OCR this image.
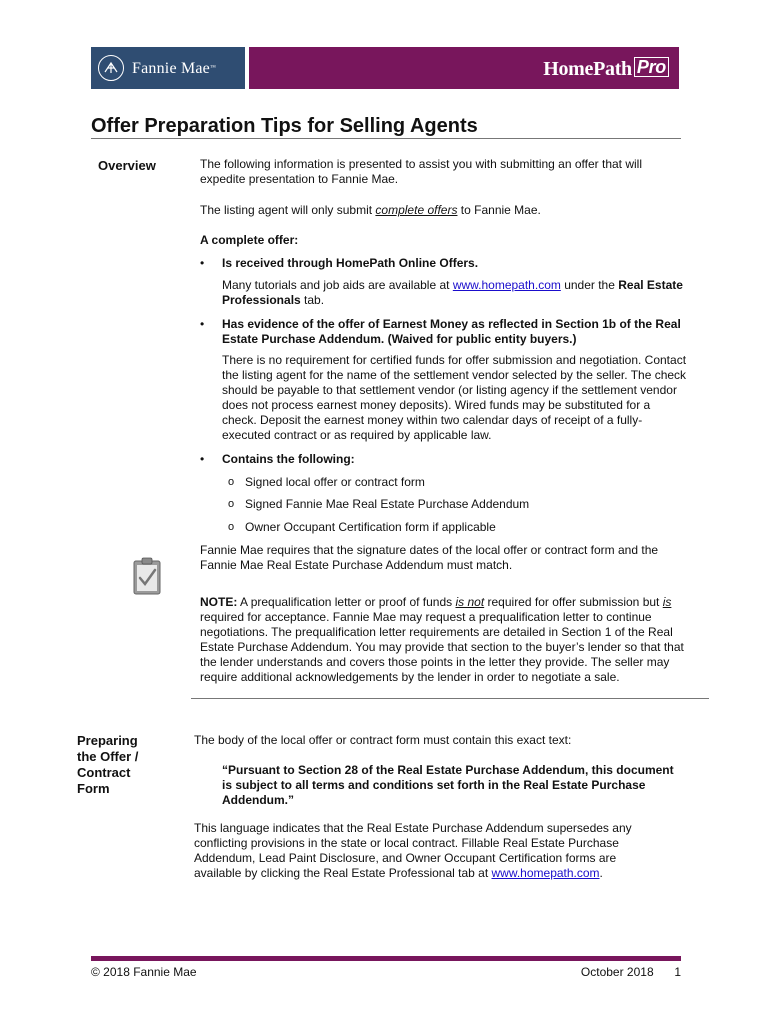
Fannie Mae™	HomePath Pro
Offer Preparation Tips for Selling Agents
Overview	The following information is presented to assist you with submitting an offer that will expedite presentation to Fannie Mae.

The listing agent will only submit complete offers to Fannie Mae.

A complete offer:

• Is received through HomePath Online Offers.

Many tutorials and job aids are available at www.homepath.com under the Real Estate Professionals tab.

• Has evidence of the offer of Earnest Money as reflected in Section 1b of the Real Estate Purchase Addendum. (Waived for public entity buyers.)

There is no requirement for certified funds for offer submission and negotiation. Contact the listing agent for the name of the settlement vendor selected by the seller. The check should be payable to that settlement vendor (or listing agency if the settlement vendor does not process earnest money deposits). Wired funds may be substituted for a check. Deposit the earnest money within two calendar days of receipt of a fully-executed contract or as required by applicable law.

• Contains the following:

o Signed local offer or contract form

o Signed Fannie Mae Real Estate Purchase Addendum

o Owner Occupant Certification form if applicable

Fannie Mae requires that the signature dates of the local offer or contract form and the Fannie Mae Real Estate Purchase Addendum must match.

NOTE: A prequalification letter or proof of funds is not required for offer submission but is required for acceptance. Fannie Mae may request a prequalification letter to continue negotiations. The prequalification letter requirements are detailed in Section 1 of the Real Estate Purchase Addendum. You may provide that section to the buyer’s lender so that that the lender understands and covers those points in the letter they provide. The seller may require additional acknowledgements by the lender in order to negotiate a sale.

Preparing
the Offer /
Contract
Form

The body of the local offer or contract form must contain this exact text:

“Pursuant to Section 28 of the Real Estate Purchase Addendum, this document is subject to all terms and conditions set forth in the Real Estate Purchase Addendum.”

This language indicates that the Real Estate Purchase Addendum supersedes any conflicting provisions in the state or local contract. Fillable Real Estate Purchase Addendum, Lead Paint Disclosure, and Owner Occupant Certification forms are available by clicking the Real Estate Professional tab at www.homepath.com.

© 2018 Fannie Mae	October 2018 1
